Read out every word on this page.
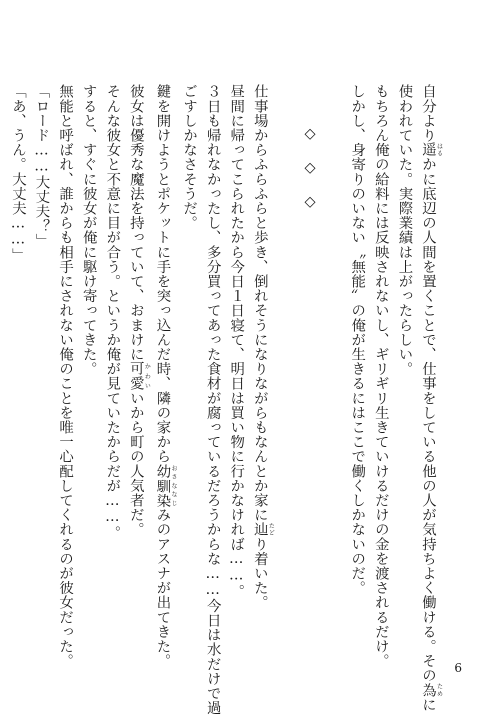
自分より遥 はるかに底辺の人間を置くことで、仕事をしている他の人が気持ちよく働ける。その為 ために

使われていた。実際業績は上がったらしい。

もちろん俺の給料には反映されないし、ギリギリ生きていけるだけの金を渡されるだけ。

しかし、身寄りのいない〝無能〟の俺が生きるにはここで働くしかないのだ。

◇◇◇

仕事場からふらふらと歩き、倒れそうになりながらもなんとか家に辿 たどり着いた。

昼間に帰ってこられたから今日１日寝て、明日は買い物に行かなければ……。

３日も帰れなかったし、多分買ってあった食材が腐っているだろうからな……今日は水だけで過

ごすしかなさそうだ。

鍵を開けようとポケットに手を突っ込んだ時、隣の家から幼馴染 おさななじみのアスナが出てきた。

彼女は優秀な魔法を持っていて、おまけに可愛 かわいいから町の人気者だ。

そんな彼女と不意に目が合う。というか俺が見ていたからだが……。

すると、すぐに彼女が俺に駆け寄ってきた。

無能と呼ばれ、誰からも相手にされない俺のことを唯一心配してくれるのが彼女だった。

「ロード……大丈夫？」

「あ、うん。大丈夫……」

6
